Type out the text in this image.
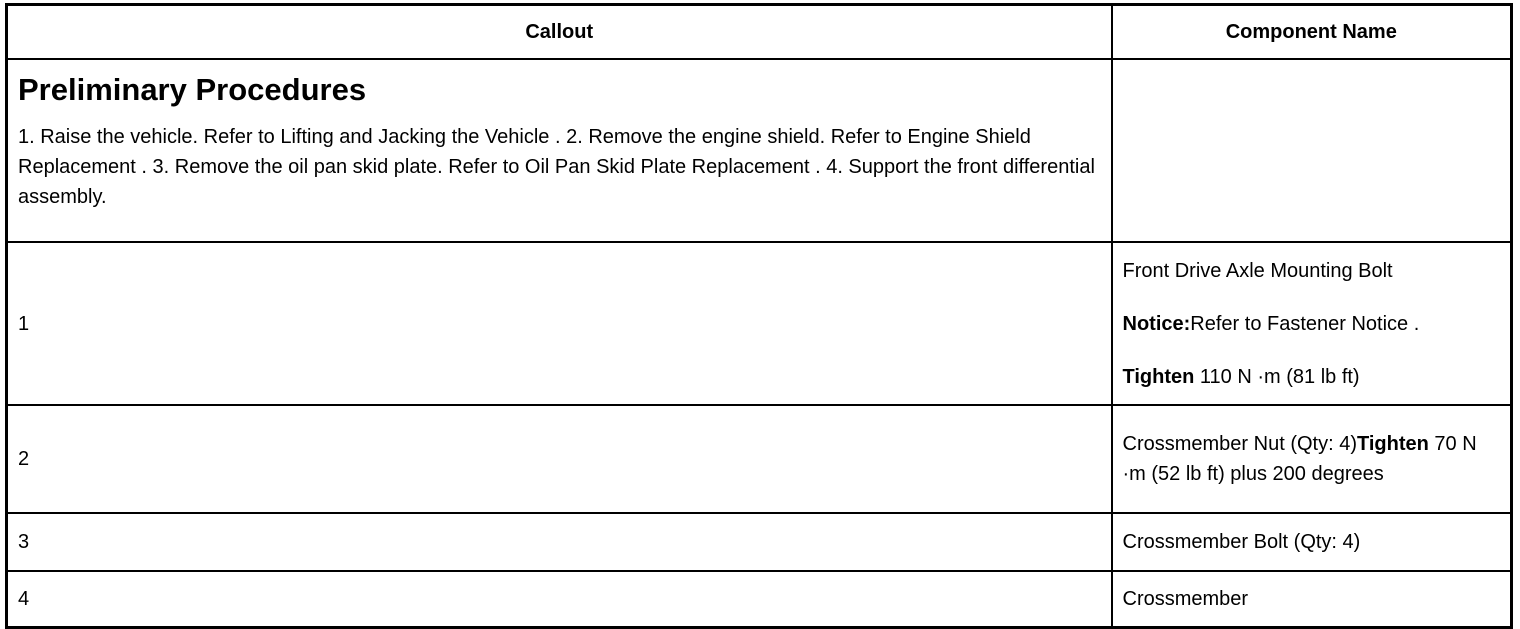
Callout	Component Name

Preliminary Procedures

1. Raise the vehicle. Refer to Lifting and Jacking the Vehicle . 2. Remove the engine shield. Refer to Engine Shield Replacement . 3. Remove the oil pan skid plate. Refer to Oil Pan Skid Plate Replacement . 4. Support the front differential assembly.	

1	Front Drive Axle Mounting Bolt

Notice:Refer to Fastener Notice .

Tighten 110 N ·m (81 lb ft)

2	Crossmember Nut (Qty: 4)Tighten 70 N ·m (52 lb ft) plus 200 degrees

3	Crossmember Bolt (Qty: 4)
4	Crossmember
